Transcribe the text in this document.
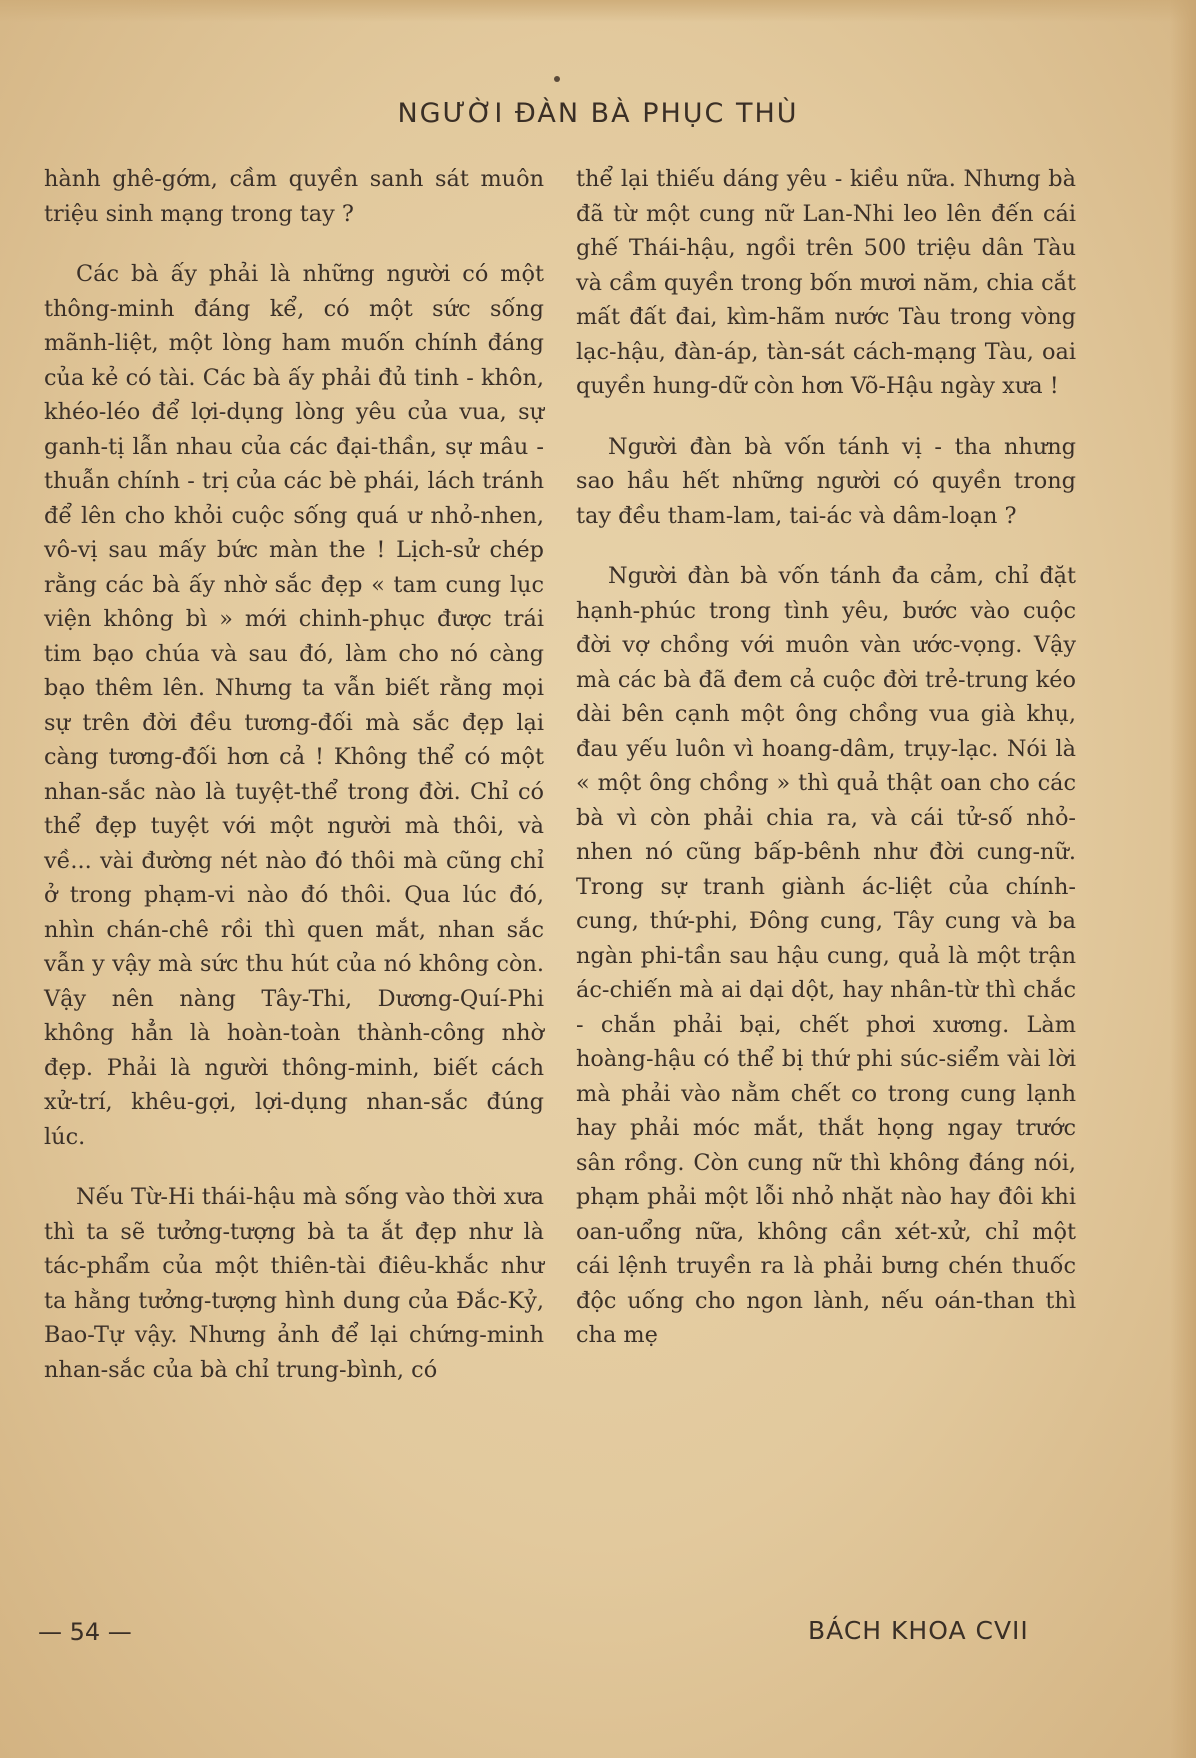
NGƯỜI ĐÀN BÀ PHỤC THÙ

hành ghê-gớm, cầm quyền sanh sát muôn triệu sinh mạng trong tay ?

Các bà ấy phải là những người có một thông-minh đáng kể, có một sức sống mãnh-liệt, một lòng ham muốn chính đáng của kẻ có tài. Các bà ấy phải đủ tinh - khôn, khéo-léo để lợi-dụng lòng yêu của vua, sự ganh-tị lẫn nhau của các đại-thần, sự mâu - thuẫn chính - trị của các bè phái, lách tránh để lên cho khỏi cuộc sống quá ư nhỏ-nhen, vô-vị sau mấy bức màn the ! Lịch-sử chép rằng các bà ấy nhờ sắc đẹp « tam cung lục viện không bì » mới chinh-phục được trái tim bạo chúa và sau đó, làm cho nó càng bạo thêm lên. Nhưng ta vẫn biết rằng mọi sự trên đời đều tương-đối mà sắc đẹp lại càng tương-đối hơn cả ! Không thể có một nhan-sắc nào là tuyệt-thể trong đời. Chỉ có thể đẹp tuyệt với một người mà thôi, và về... vài đường nét nào đó thôi mà cũng chỉ ở trong phạm-vi nào đó thôi. Qua lúc đó, nhìn chán-chê rồi thì quen mắt, nhan sắc vẫn y vậy mà sức thu hút của nó không còn. Vậy nên nàng Tây-Thi, Dương-Quí-Phi không hẳn là hoàn-toàn thành-công nhờ đẹp. Phải là người thông-minh, biết cách xử-trí, khêu-gợi, lợi-dụng nhan-sắc đúng lúc.

Nếu Từ-Hi thái-hậu mà sống vào thời xưa thì ta sẽ tưởng-tượng bà ta ắt đẹp như là tác-phẩm của một thiên-tài điêu-khắc như ta hằng tưởng-tượng hình dung của Đắc-Kỷ, Bao-Tự vậy. Nhưng ảnh để lại chứng-minh nhan-sắc của bà chỉ trung-bình, có

thể lại thiếu dáng yêu - kiều nữa. Nhưng bà đã từ một cung nữ Lan-Nhi leo lên đến cái ghế Thái-hậu, ngồi trên 500 triệu dân Tàu và cầm quyền trong bốn mươi năm, chia cắt mất đất đai, kìm-hãm nước Tàu trong vòng lạc-hậu, đàn-áp, tàn-sát cách-mạng Tàu, oai quyền hung-dữ còn hơn Võ-Hậu ngày xưa !

Người đàn bà vốn tánh vị - tha nhưng sao hầu hết những người có quyền trong tay đều tham-lam, tai-ác và dâm-loạn ?

Người đàn bà vốn tánh đa cảm, chỉ đặt hạnh-phúc trong tình yêu, bước vào cuộc đời vợ chồng với muôn vàn ước-vọng. Vậy mà các bà đã đem cả cuộc đời trẻ-trung kéo dài bên cạnh một ông chồng vua già khụ, đau yếu luôn vì hoang-dâm, trụy-lạc. Nói là « một ông chồng » thì quả thật oan cho các bà vì còn phải chia ra, và cái tử-số nhỏ-nhen nó cũng bấp-bênh như đời cung-nữ. Trong sự tranh giành ác-liệt của chính-cung, thứ-phi, Đông cung, Tây cung và ba ngàn phi-tần sau hậu cung, quả là một trận ác-chiến mà ai dại dột, hay nhân-từ thì chắc - chắn phải bại, chết phơi xương. Làm hoàng-hậu có thể bị thứ phi súc-siểm vài lời mà phải vào nằm chết co trong cung lạnh hay phải móc mắt, thắt họng ngay trước sân rồng. Còn cung nữ thì không đáng nói, phạm phải một lỗi nhỏ nhặt nào hay đôi khi oan-uổng nữa, không cần xét-xử, chỉ một cái lệnh truyền ra là phải bưng chén thuốc độc uống cho ngon lành, nếu oán-than thì cha mẹ

— 54 —	BÁCH KHOA CVII
